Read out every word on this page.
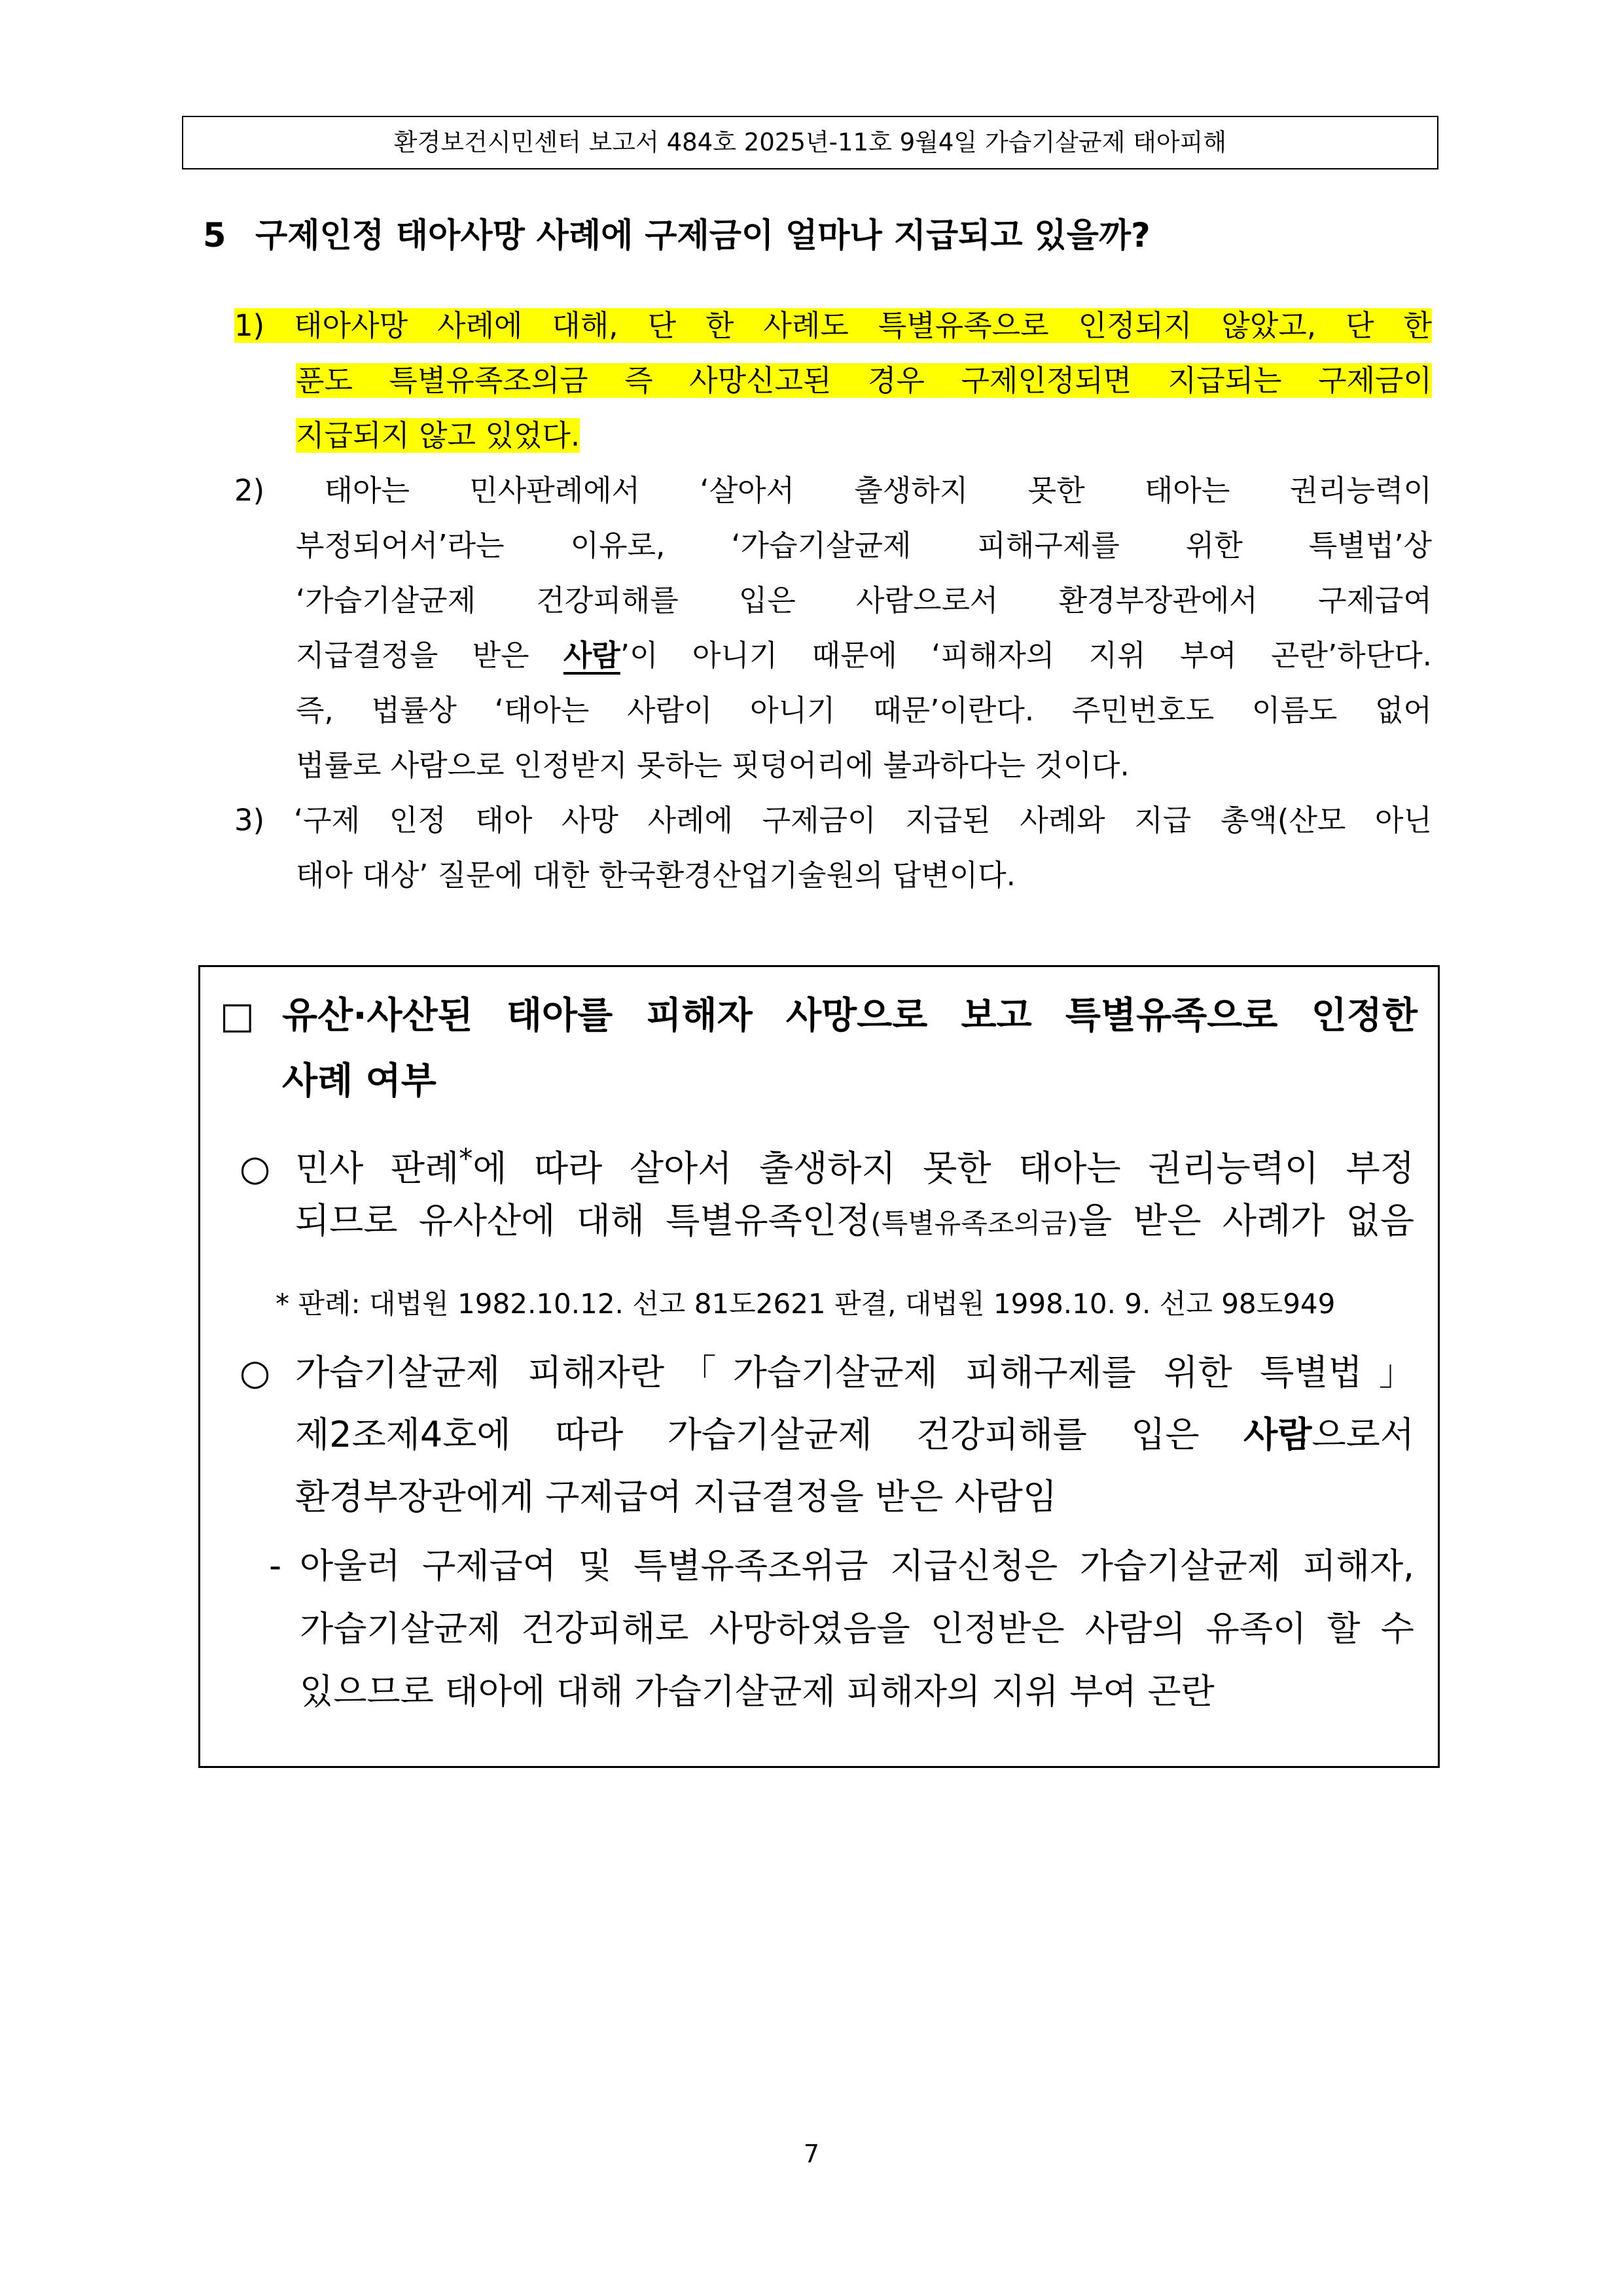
환경보건시민센터 보고서 484호 2025년-11호 9월4일 가습기살균제 태아피해
5 구제인정 태아사망 사례에 구제금이 얼마나 지급되고 있을까?
1) 태아사망 사례에 대해, 단 한 사례도 특별유족으로 인정되지 않았고, 단 한
푼도 특별유족조의금 즉 사망신고된 경우 구제인정되면 지급되는 구제금이
지급되지 않고 있었다.
2) 태아는 민사판례에서 ‘살아서 출생하지 못한 태아는 권리능력이
부정되어서’라는 이유로, ‘가습기살균제 피해구제를 위한 특별법’상
‘가습기살균제 건강피해를 입은 사람으로서 환경부장관에서 구제급여
지급결정을 받은 사람’이 아니기 때문에 ‘피해자의 지위 부여 곤란’하단다.
즉, 법률상 ‘태아는 사람이 아니기 때문’이란다. 주민번호도 이름도 없어
법률로 사람으로 인정받지 못하는 핏덩어리에 불과하다는 것이다.
3) ‘구제 인정 태아 사망 사례에 구제금이 지급된 사례와 지급 총액(산모 아닌
태아 대상’ 질문에 대한 한국환경산업기술원의 답변이다.
□ 유산·사산된 태아를 피해자 사망으로 보고 특별유족으로 인정한
사례 여부
○ 민사 판례*에 따라 살아서 출생하지 못한 태아는 권리능력이 부정
되므로 유사산에 대해 특별유족인정(특별유족조의금)을 받은 사례가 없음
* 판례: 대법원 1982.10.12. 선고 81도2621 판결, 대법원 1998.10. 9. 선고 98도949
○ 가습기살균제 피해자란「가습기살균제 피해구제를 위한 특별법」
제2조제4호에 따라 가습기살균제 건강피해를 입은 사람으로서
환경부장관에게 구제급여 지급결정을 받은 사람임
- 아울러 구제급여 및 특별유족조위금 지급신청은 가습기살균제 피해자,
가습기살균제 건강피해로 사망하였음을 인정받은 사람의 유족이 할 수
있으므로 태아에 대해 가습기살균제 피해자의 지위 부여 곤란
7
